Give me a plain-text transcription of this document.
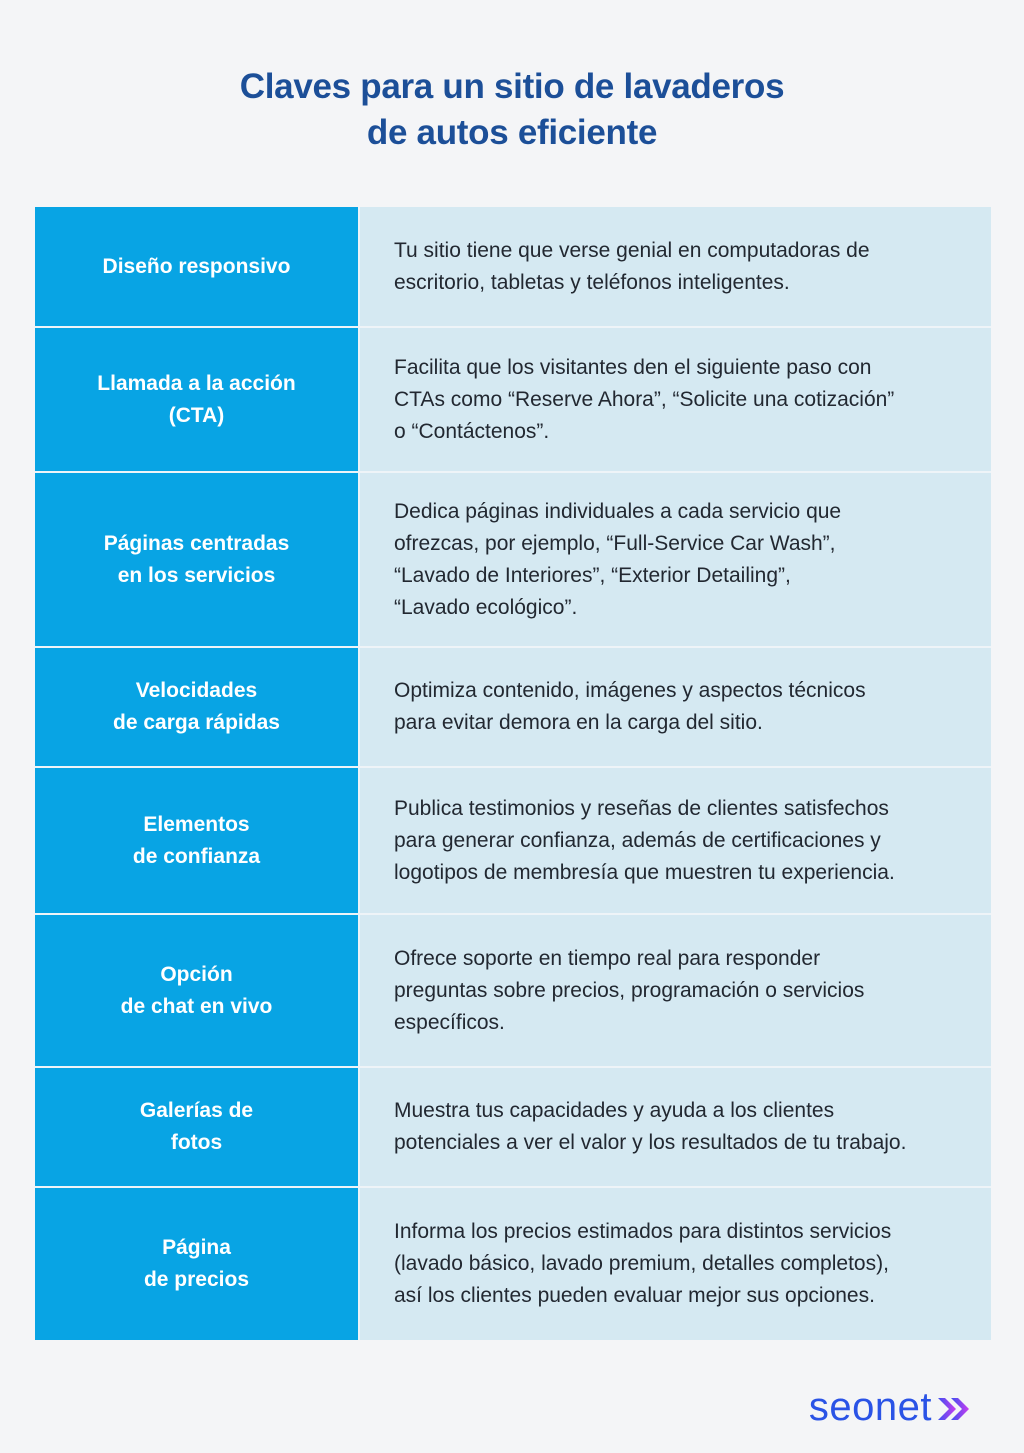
Claves para un sitio de lavaderos
de autos eficiente
Diseño responsivo
Tu sitio tiene que verse genial en computadoras de
escritorio, tabletas y teléfonos inteligentes.
Llamada a la acción
(CTA)
Facilita que los visitantes den el siguiente paso con
CTAs como “Reserve Ahora”, “Solicite una cotización”
o “Contáctenos”.
Páginas centradas
en los servicios
Dedica páginas individuales a cada servicio que
ofrezcas, por ejemplo, “Full-Service Car Wash”,
“Lavado de Interiores”, “Exterior Detailing”,
“Lavado ecológico”.
Velocidades
de carga rápidas
Optimiza contenido, imágenes y aspectos técnicos
para evitar demora en la carga del sitio.
Elementos
de confianza
Publica testimonios y reseñas de clientes satisfechos
para generar confianza, además de certificaciones y
logotipos de membresía que muestren tu experiencia.
Opción
de chat en vivo
Ofrece soporte en tiempo real para responder
preguntas sobre precios, programación o servicios
específicos.
Galerías de
fotos
Muestra tus capacidades y ayuda a los clientes
potenciales a ver el valor y los resultados de tu trabajo.
Página
de precios
Informa los precios estimados para distintos servicios
(lavado básico, lavado premium, detalles completos),
así los clientes pueden evaluar mejor sus opciones.
seonet
